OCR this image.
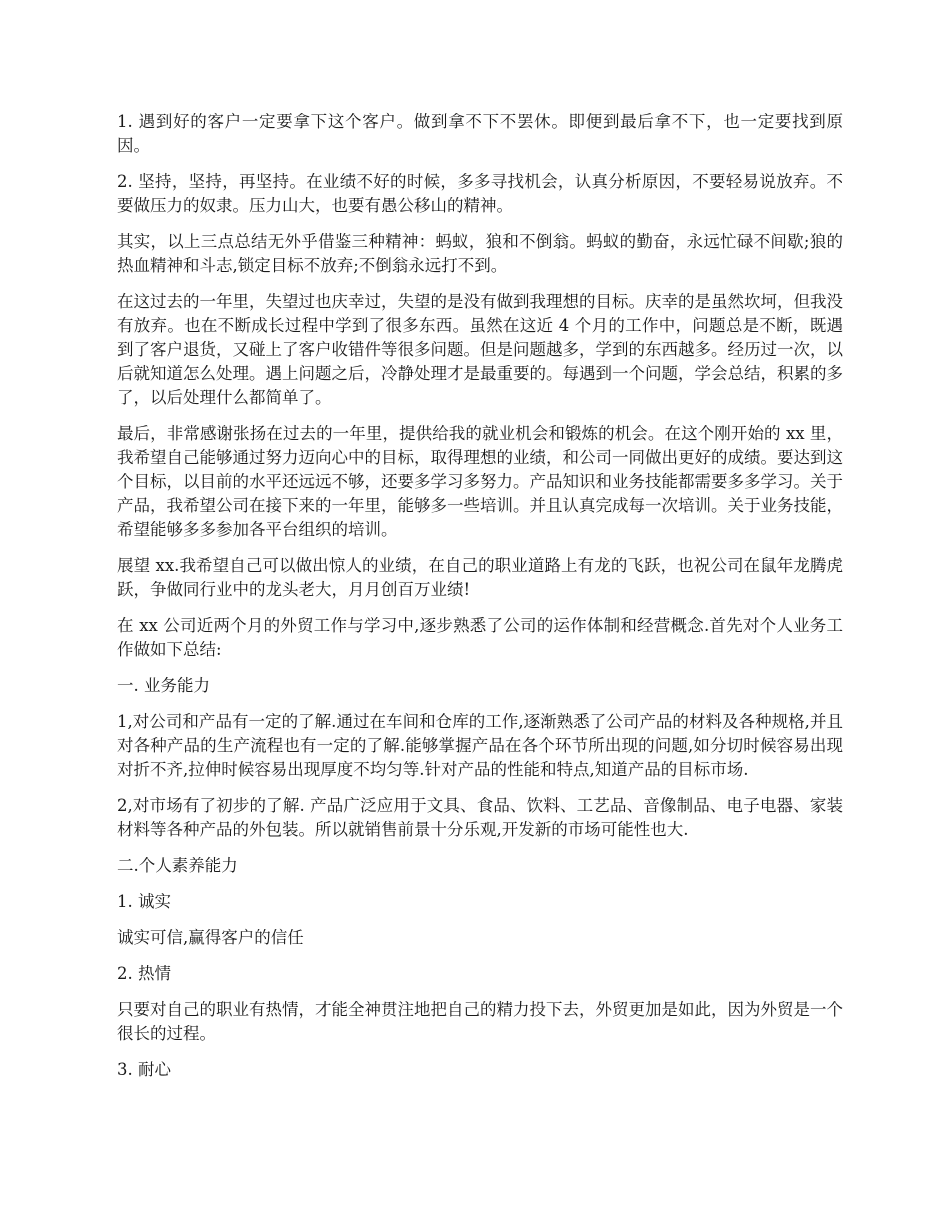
1. 遇到好的客户一定要拿下这个客户。做到拿不下不罢休。即便到最后拿不下，也一定要找到原因。

2. 坚持，坚持，再坚持。在业绩不好的时候，多多寻找机会，认真分析原因，不要轻易说放弃。不要做压力的奴隶。压力山大，也要有愚公移山的精神。

其实，以上三点总结无外乎借鉴三种精神：蚂蚁，狼和不倒翁。蚂蚁的勤奋，永远忙碌不间歇;狼的热血精神和斗志,锁定目标不放弃;不倒翁永远打不到。

在这过去的一年里，失望过也庆幸过，失望的是没有做到我理想的目标。庆幸的是虽然坎坷，但我没有放弃。也在不断成长过程中学到了很多东西。虽然在这近 4 个月的工作中，问题总是不断，既遇到了客户退货，又碰上了客户收错件等很多问题。但是问题越多，学到的东西越多。经历过一次，以后就知道怎么处理。遇上问题之后，冷静处理才是最重要的。每遇到一个问题，学会总结，积累的多了，以后处理什么都简单了。

最后，非常感谢张扬在过去的一年里，提供给我的就业机会和锻炼的机会。在这个刚开始的 xx 里，我希望自己能够通过努力迈向心中的目标，取得理想的业绩，和公司一同做出更好的成绩。要达到这个目标，以目前的水平还远远不够，还要多学习多努力。产品知识和业务技能都需要多多学习。关于产品，我希望公司在接下来的一年里，能够多一些培训。并且认真完成每一次培训。关于业务技能，希望能够多多参加各平台组织的培训。

展望 xx.我希望自己可以做出惊人的业绩，在自己的职业道路上有龙的飞跃，也祝公司在鼠年龙腾虎跃，争做同行业中的龙头老大，月月创百万业绩!

在 xx 公司近两个月的外贸工作与学习中,逐步熟悉了公司的运作体制和经营概念.首先对个人业务工作做如下总结:

一. 业务能力

1,对公司和产品有一定的了解.通过在车间和仓库的工作,逐渐熟悉了公司产品的材料及各种规格,并且对各种产品的生产流程也有一定的了解.能够掌握产品在各个环节所出现的问题,如分切时候容易出现对折不齐,拉伸时候容易出现厚度不均匀等.针对产品的性能和特点,知道产品的目标市场.

2,对市场有了初步的了解. 产品广泛应用于文具、食品、饮料、工艺品、音像制品、电子电器、家装材料等各种产品的外包装。所以就销售前景十分乐观,开发新的市场可能性也大.

二.个人素养能力

1. 诚实

诚实可信,赢得客户的信任

2. 热情

只要对自己的职业有热情，才能全神贯注地把自己的精力投下去，外贸更加是如此，因为外贸是一个很长的过程。

3. 耐心
